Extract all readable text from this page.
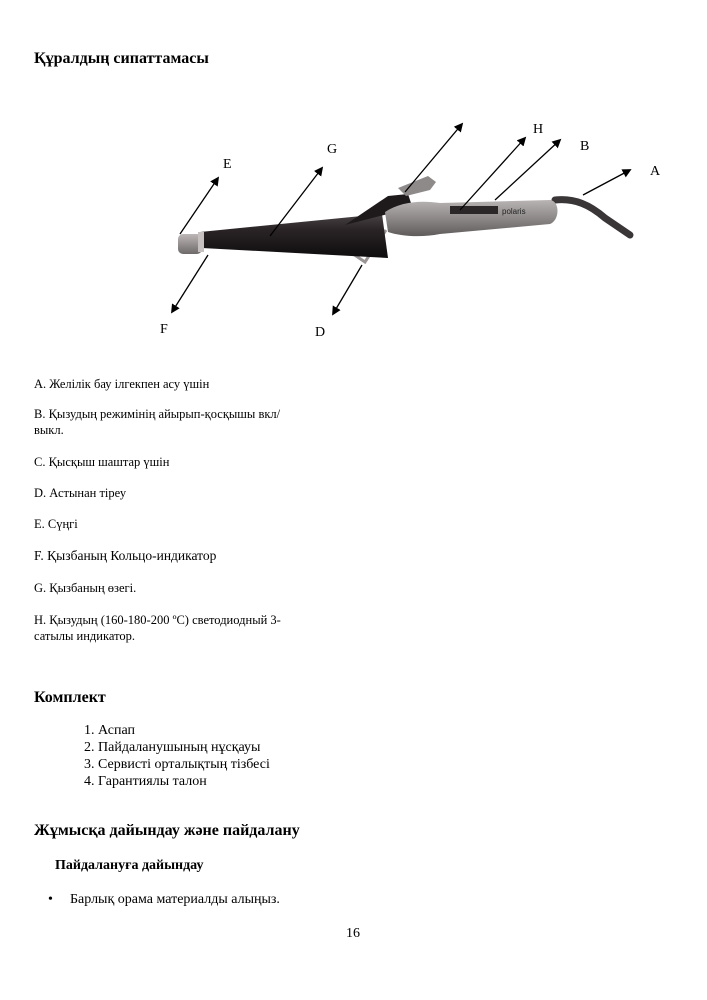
Құралдың сипаттамасы
polaris
A
B
H
G
E
F	D
A. Желілік бау ілгекпен асу үшін
B. Қызудың режимінің айырып-қосқышы вкл/выкл.
C. Қысқыш шаштар үшін
D. Астынан тіреу
E. Сүңгі
F. Қызбаның Кольцо-индикатор
G. Қызбаның өзегі.
H. Қызудың (160-180-200 ºC) светодиодный 3-сатылы индикатор.
Комплект
1. Аспап
2. Пайдаланушының нұсқауы
3. Сервисті орталықтың тізбесі
4. Гарантиялы талон
Жұмысқа дайындау және пайдалану
Пайдалануға дайындау
• Барлық орама материалды алыңыз.
16
